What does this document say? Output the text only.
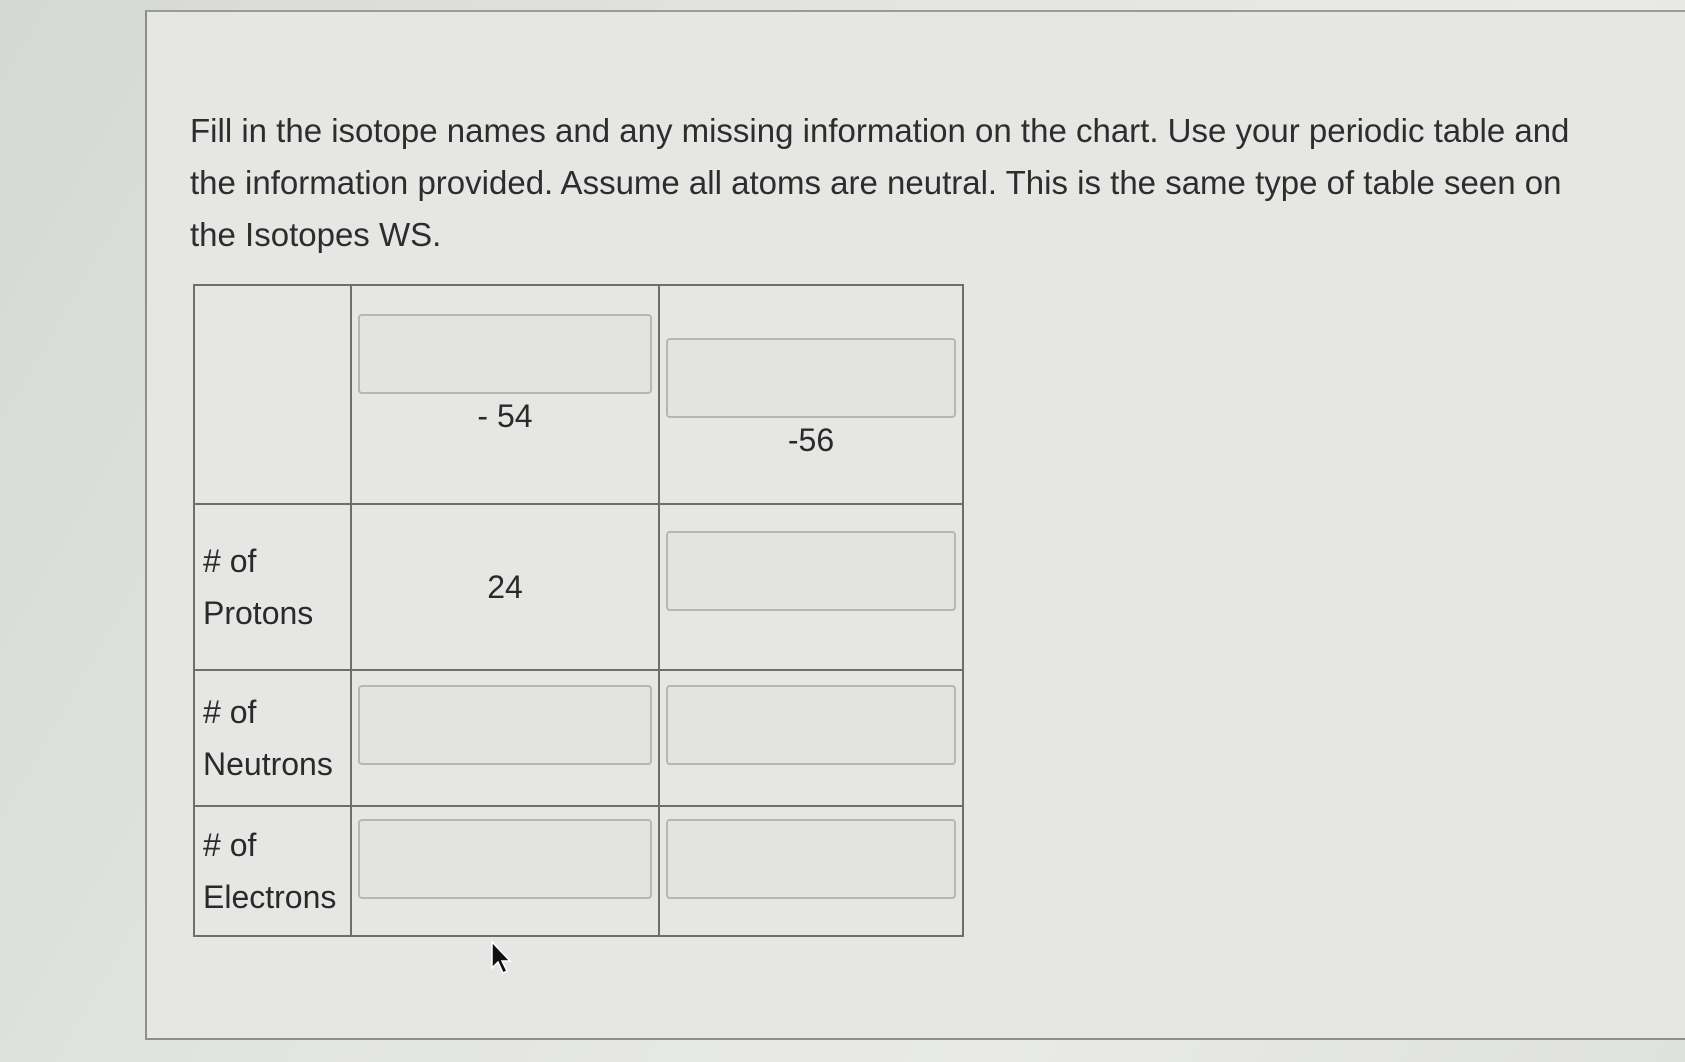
Fill in the isotope names and any missing information on the chart. Use your periodic table and the information provided. Assume all atoms are neutral. This is the same type of table seen on the Isotopes WS.

	- 54	-56

# of
Protons	24	

# of
Neutrons		

# of
Electrons		
